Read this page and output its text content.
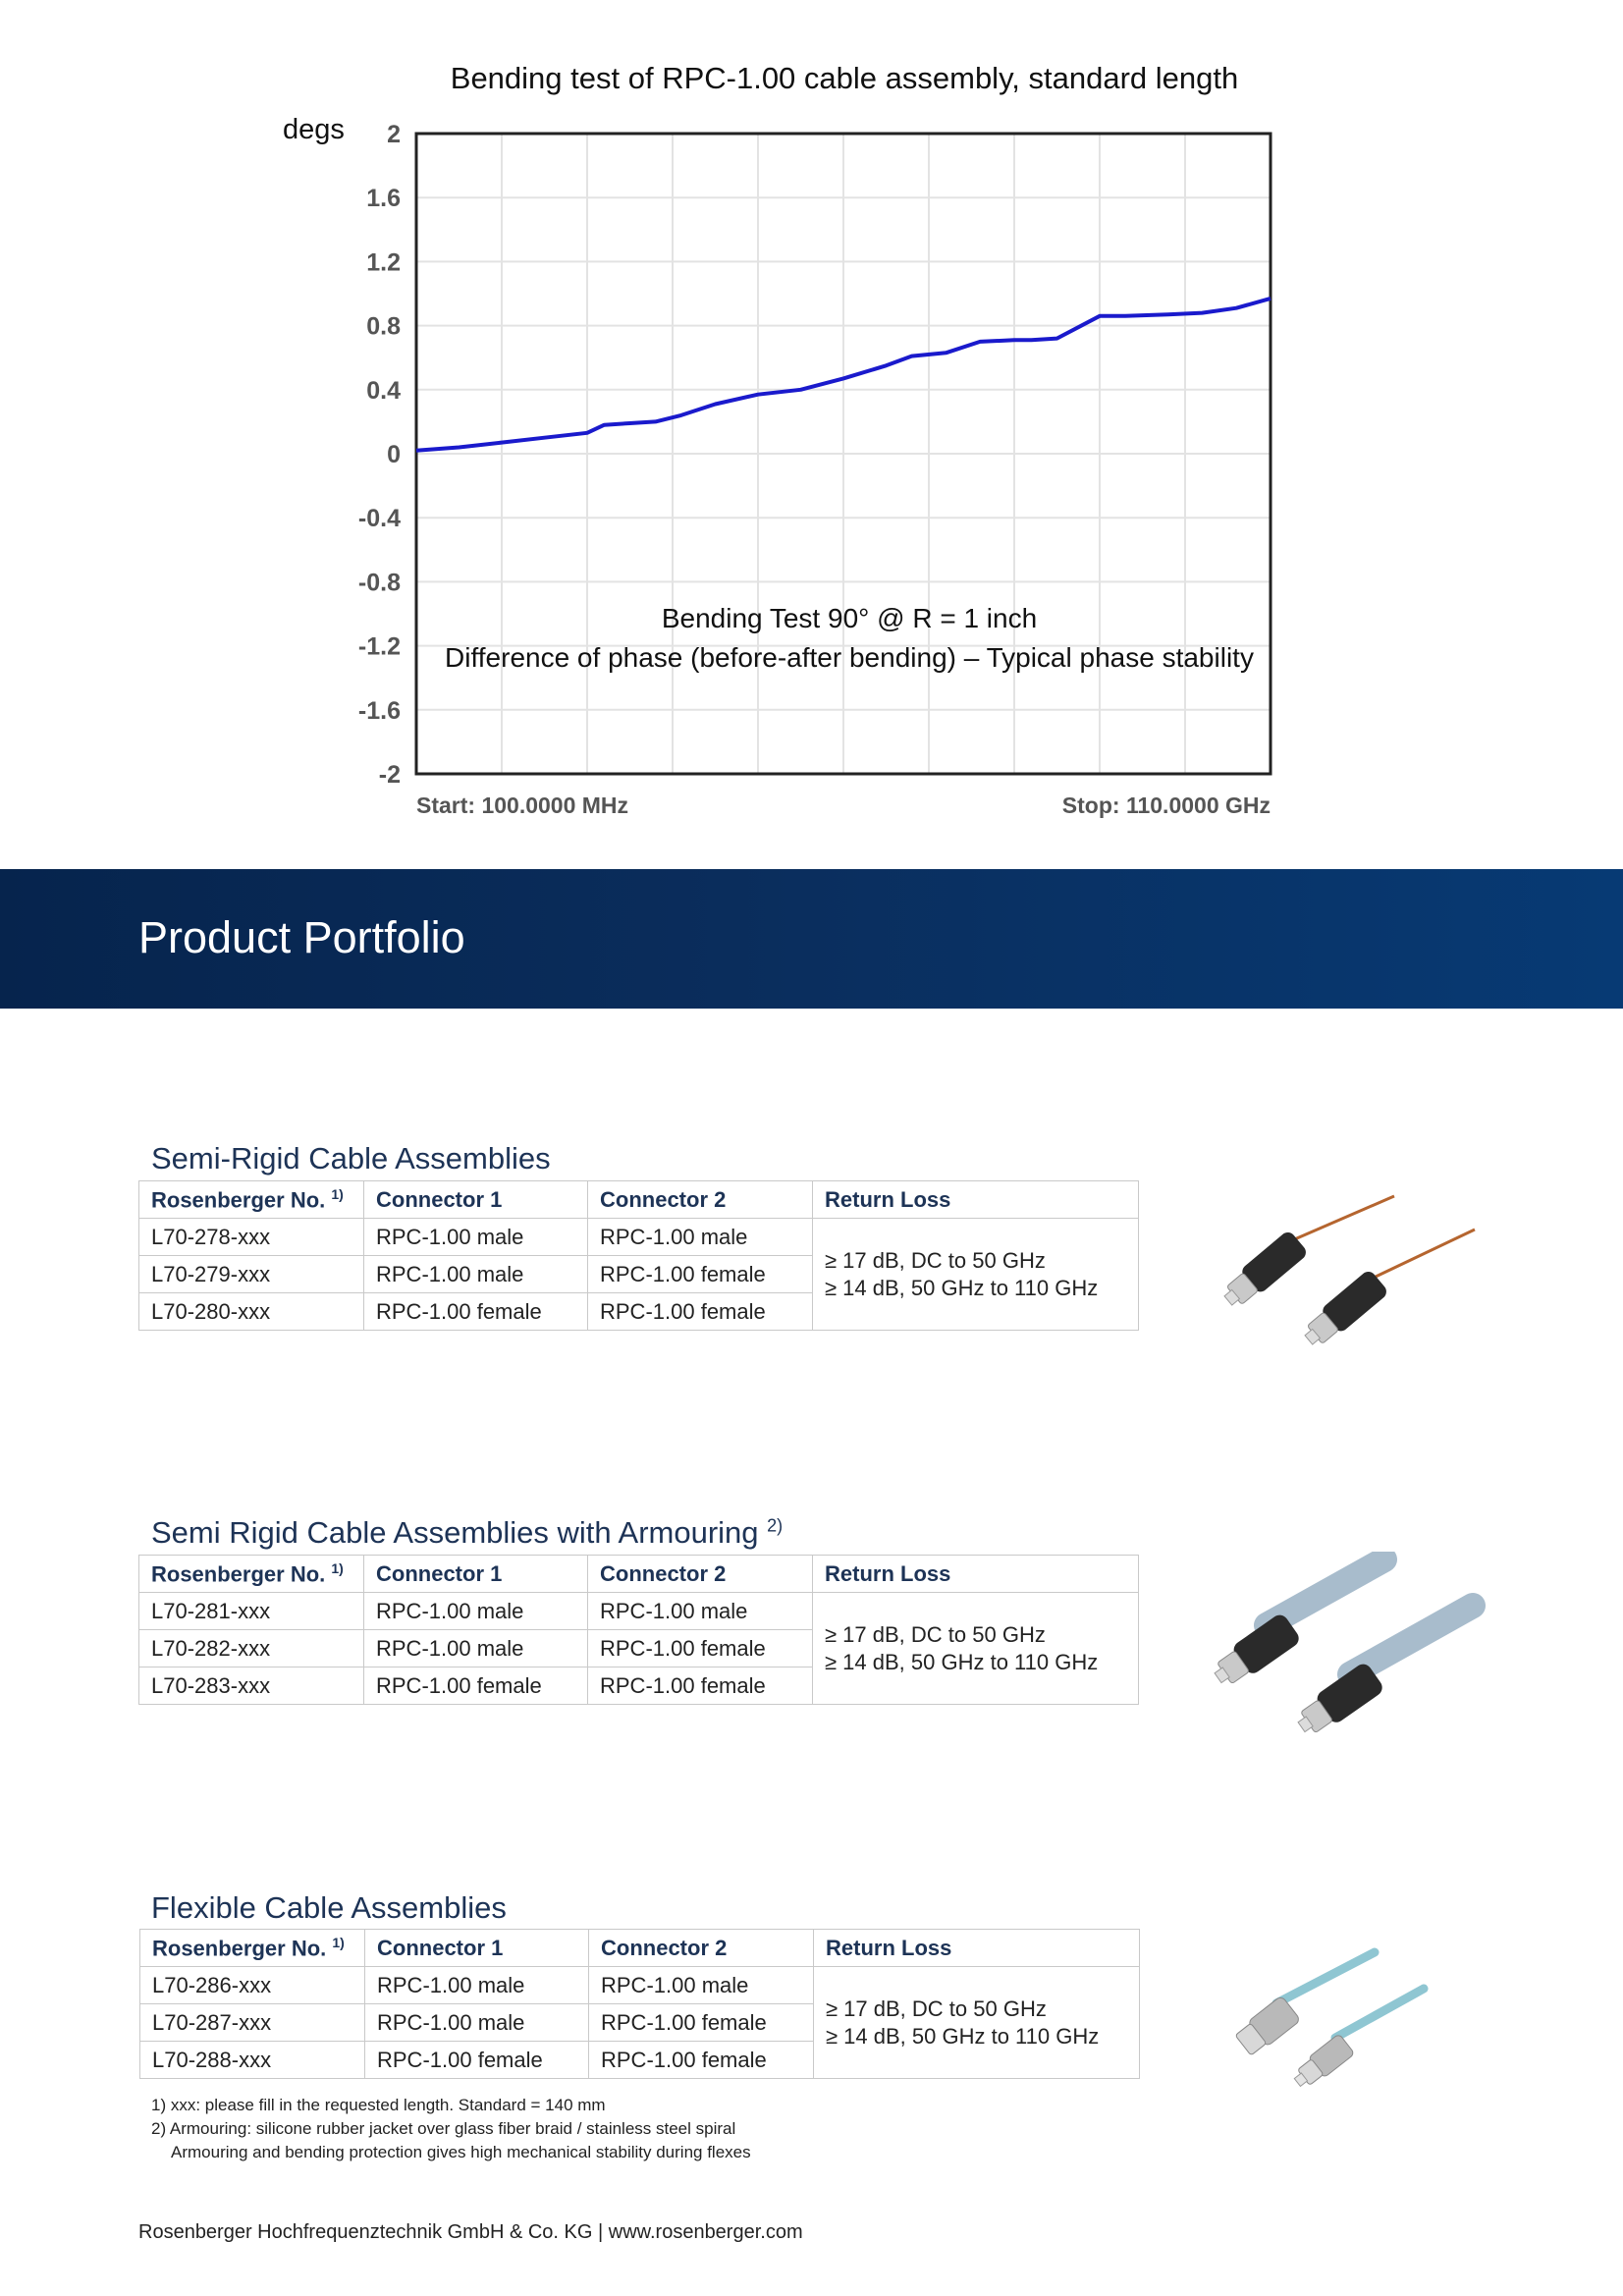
Bending test of RPC-1.00 cable assembly, standard length
degs 2
1.6
1.2
0.8
0.4
0
-0.4
-0.8
-1.2
-1.6
-2
Start: 100.0000 MHz	Stop: 110.0000 GHz
Bending Test 90° @ R = 1 inch
Difference of phase (before-after bending) – Typical phase stability
Product Portfolio
Semi-Rigid Cable Assemblies
Rosenberger No. $^{1)}$	Connector 1	Connector 2	Return Loss
L70-278-xxx	RPC-1.00 male	RPC-1.00 male	≥ 17 dB, DC to 50 GHz
≥ 14 dB, 50 GHz to 110 GHz

L70-279-xxx	RPC-1.00 male	RPC-1.00 female	
L70-280-xxx	RPC-1.00 female	RPC-1.00 female	
Semi Rigid Cable Assemblies with Armouring $^{2)}$
Rosenberger No. $^{1)}$	Connector 1	Connector 2	Return Loss
L70-281-xxx	RPC-1.00 male	RPC-1.00 male	≥ 17 dB, DC to 50 GHz
≥ 14 dB, 50 GHz to 110 GHz

L70-282-xxx	RPC-1.00 male	RPC-1.00 female	
L70-283-xxx	RPC-1.00 female	RPC-1.00 female	
Flexible Cable Assemblies
Rosenberger No. $^{1)}$	Connector 1	Connector 2	Return Loss
L70-286-xxx	RPC-1.00 male	RPC-1.00 male	≥ 17 dB, DC to 50 GHz
≥ 14 dB, 50 GHz to 110 GHz

L70-287-xxx	RPC-1.00 male	RPC-1.00 female	
L70-288-xxx	RPC-1.00 female	RPC-1.00 female	
1) xxx: please fill in the requested length. Standard = 140 mm
2) Armouring: silicone rubber jacket over glass fiber braid / stainless steel spiral
Armouring and bending protection gives high mechanical stability during flexes
Rosenberger Hochfrequenztechnik GmbH & Co. KG | www.rosenberger.com
